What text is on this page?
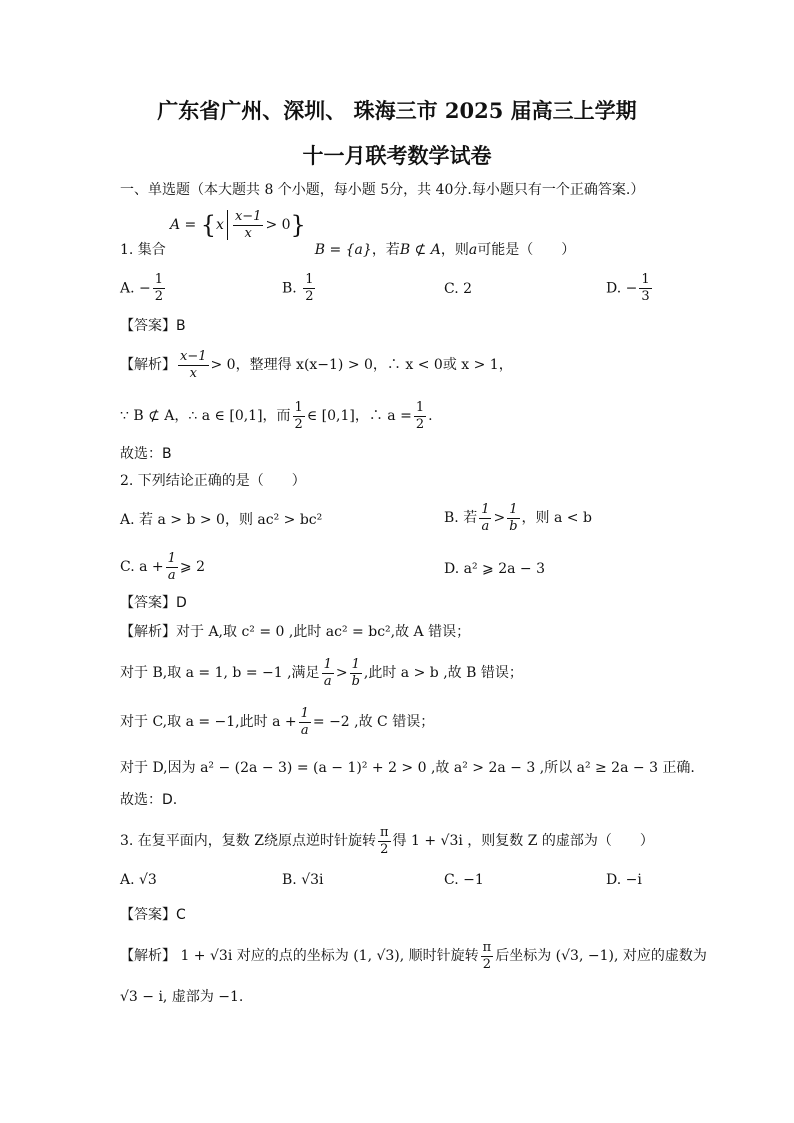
广东省广州、深圳、 珠海三市 2025 届高三上学期
十一月联考数学试卷
一、单选题（本大题共 8 个小题，每小题 5分，共 40分.每小题只有一个正确答案.）
$A = \{x \frac{x-1}{x} > 0\}$
1. 集合	B = {a}，若B ⊄ A，则a可能是（　　）
A. − $\frac{1}{2}$	B. $\frac{1}{2}$	C. 2	D. − $\frac{1}{3}$
【答案】B
【解析】 $\frac{x-1}{x} > 0$，整理得 x(x−1) > 0，∴ x < 0或 x > 1，
∵ B ⊄ A，∴ a ∈ [0,1]，而 $\frac{1}{2}$ ∈ [0,1]，∴ $a = \frac{1}{2}$ .
故选：B
2. 下列结论正确的是（　　）
A. 若 a > b > 0，则 ac² > bc²	B. 若 $\frac{1}{a} > \frac{1}{b}$ ，则 a < b
C. $a + \frac{1}{a}$ ⩾ 2	D. a² ⩾ 2a − 3
【答案】D
【解析】对于 A,取 c² = 0 ,此时 ac² = bc²,故 A 错误；
对于 B,取 a = 1, b = −1 ,满足 $\frac{1}{a} > \frac{1}{b}$ ,此时 a > b ,故 B 错误；
对于 C,取 a = −1,此时 $a + \frac{1}{a} = -2$ ,故 C 错误；
对于 D,因为 a² − (2a − 3) = (a − 1)² + 2 > 0 ,故 a² > 2a − 3 ,所以 a² ≥ 2a − 3 正确.
故选：D.
3. 在复平面内，复数 Z绕原点逆时针旋转 $\frac{\pi}{2}$ 得 1 + √3i ，则复数 Z 的虚部为（　　）
A. √3	B. √3i	C. −1	D. −i
【答案】C
【解析】 1 + √3i 对应的点的坐标为 (1, √3), 顺时针旋转 $\frac{\pi}{2}$ 后坐标为 (√3, −1), 对应的虚数为
√3 − i, 虚部为 −1.
